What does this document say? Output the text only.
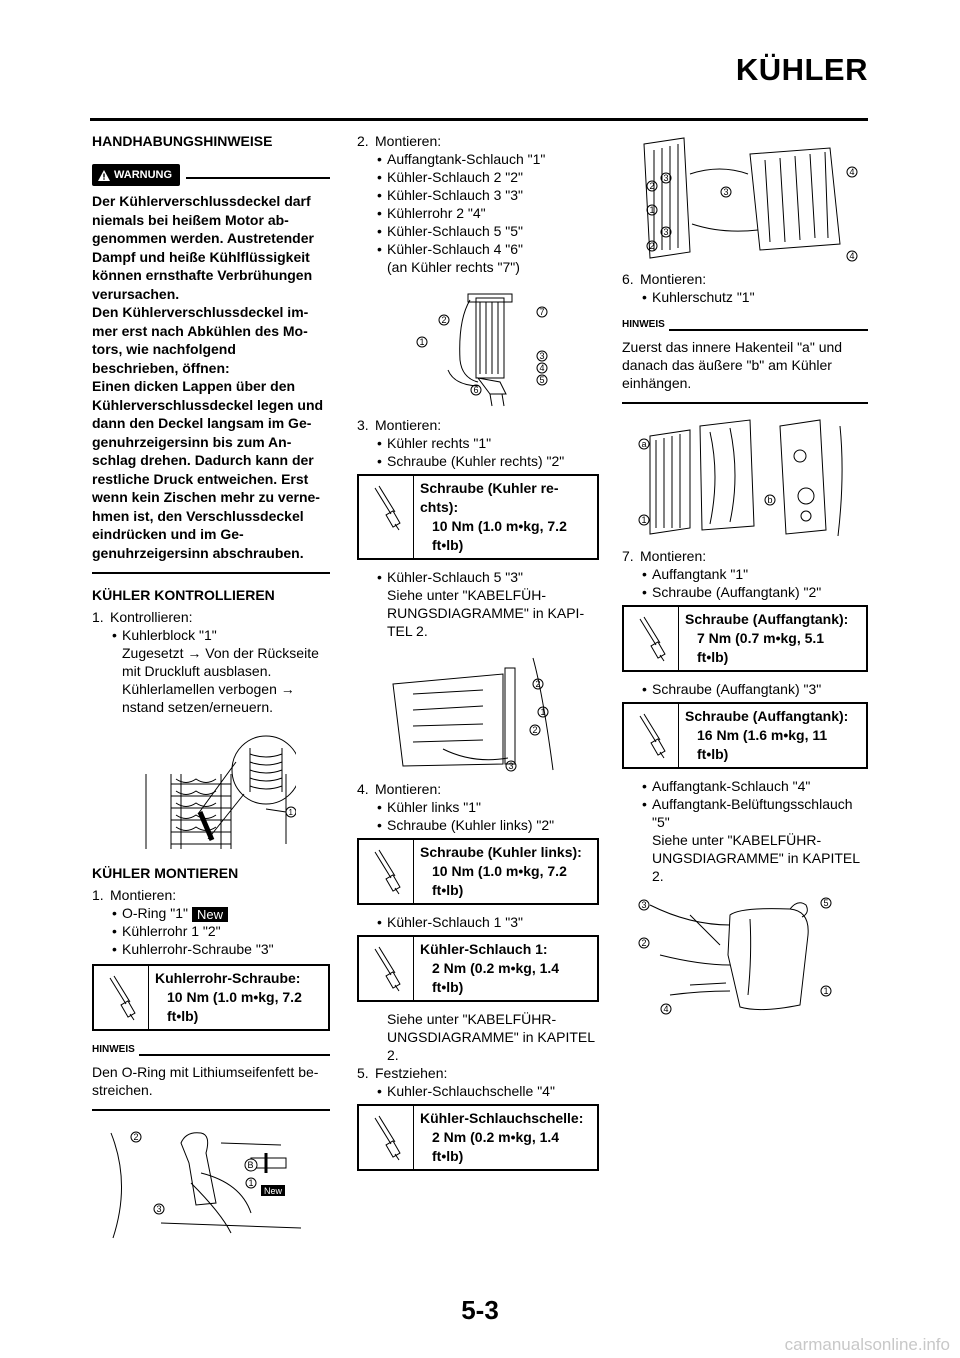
KÜHLER
HANDHABUNGSHINWEISE
WARNUNG
Der Kühlerverschlussdeckel darf
niemals bei heißem Motor ab-
genommen werden. Austretender
Dampf und heiße Kühlflüssigkeit
können ernsthafte Verbrühungen
verursachen.
Den Kühlerverschlussdeckel im-
mer erst nach Abkühlen des Mo-
tors, wie nachfolgend
beschrieben, öffnen:
Einen dicken Lappen über den
Kühlerverschlussdeckel legen und
dann den Deckel langsam im Ge-
genuhrzeigersinn bis zum An-
schlag drehen. Dadurch kann der
restliche Druck entweichen. Erst
wenn kein Zischen mehr zu verne-
hmen ist, den Verschlussdeckel
eindrücken und im Ge-
genuhrzeigersinn abschrauben.
KÜHLER KONTROLLIEREN
1. Kontrollieren:
• Kuhlerblock "1"
Zugesetzt → Von der Rückseite
mit Druckluft ausblasen.
Kühlerlamellen verbogen →
nstand setzen/erneuern.
1
KÜHLER MONTIEREN
1. Montieren:
• O-Ring "1" New
• Kühlerrohr 1 "2"
• Kuhlerrohr-Schraube "3"
Kuhlerrohr-Schraube:
10 Nm (1.0 m•kg, 7.2
ft•lb)
HINWEIS
Den O-Ring mit Lithiumseifenfett be-
streichen.
2
1
3
B
New
2. Montieren:
• Auffangtank-Schlauch "1"
• Kühler-Schlauch 2 "2"
• Kühler-Schlauch 3 "3"
• Kühlerrohr 2 "4"
• Kühler-Schlauch 5 "5"
• Kühler-Schlauch 4 "6"
(an Kühler rechts "7")
2
1
7
3
4
5
6
3. Montieren:
• Kühler rechts "1"
• Schraube (Kuhler rechts) "2"
Schraube (Kuhler re-
chts):
10 Nm (1.0 m•kg, 7.2
ft•lb)
• Kühler-Schlauch 5 "3"
Siehe unter "KABELFÜH-
RUNGSDIAGRAMME" in KAPI-
TEL 2.
2
1
2
3
4. Montieren:
• Kühler links "1"
• Schraube (Kuhler links) "2"
Schraube (Kuhler links):
10 Nm (1.0 m•kg, 7.2
ft•lb)
• Kühler-Schlauch 1 "3"
Kühler-Schlauch 1:
2 Nm (0.2 m•kg, 1.4
ft•lb)
Siehe unter "KABELFÜHR-
UNGSDIAGRAMME" in KAPITEL
2.
5. Festziehen:
• Kuhler-Schlauchschelle "4"
Kühler-Schlauchschelle:
2 Nm (0.2 m•kg, 1.4
ft•lb)
2
3
1
3
2
3
4
4
6. Montieren:
• Kuhlerschutz "1"
HINWEIS
Zuerst das innere Hakenteil "a" und
danach das äußere "b" am Kühler
einhängen.
a
b
1
7. Montieren:
• Auffangtank "1"
• Schraube (Auffangtank) "2"
Schraube (Auffangtank):
7 Nm (0.7 m•kg, 5.1
ft•lb)
• Schraube (Auffangtank) "3"
Schraube (Auffangtank):
16 Nm (1.6 m•kg, 11
ft•lb)
• Auffangtank-Schlauch "4"
• Auffangtank-Belüftungsschlauch
"5"
Siehe unter "KABELFÜHR-
UNGSDIAGRAMME" in KAPITEL
2.
3	5
2
1
4
5-3
carmanualsonline.info
